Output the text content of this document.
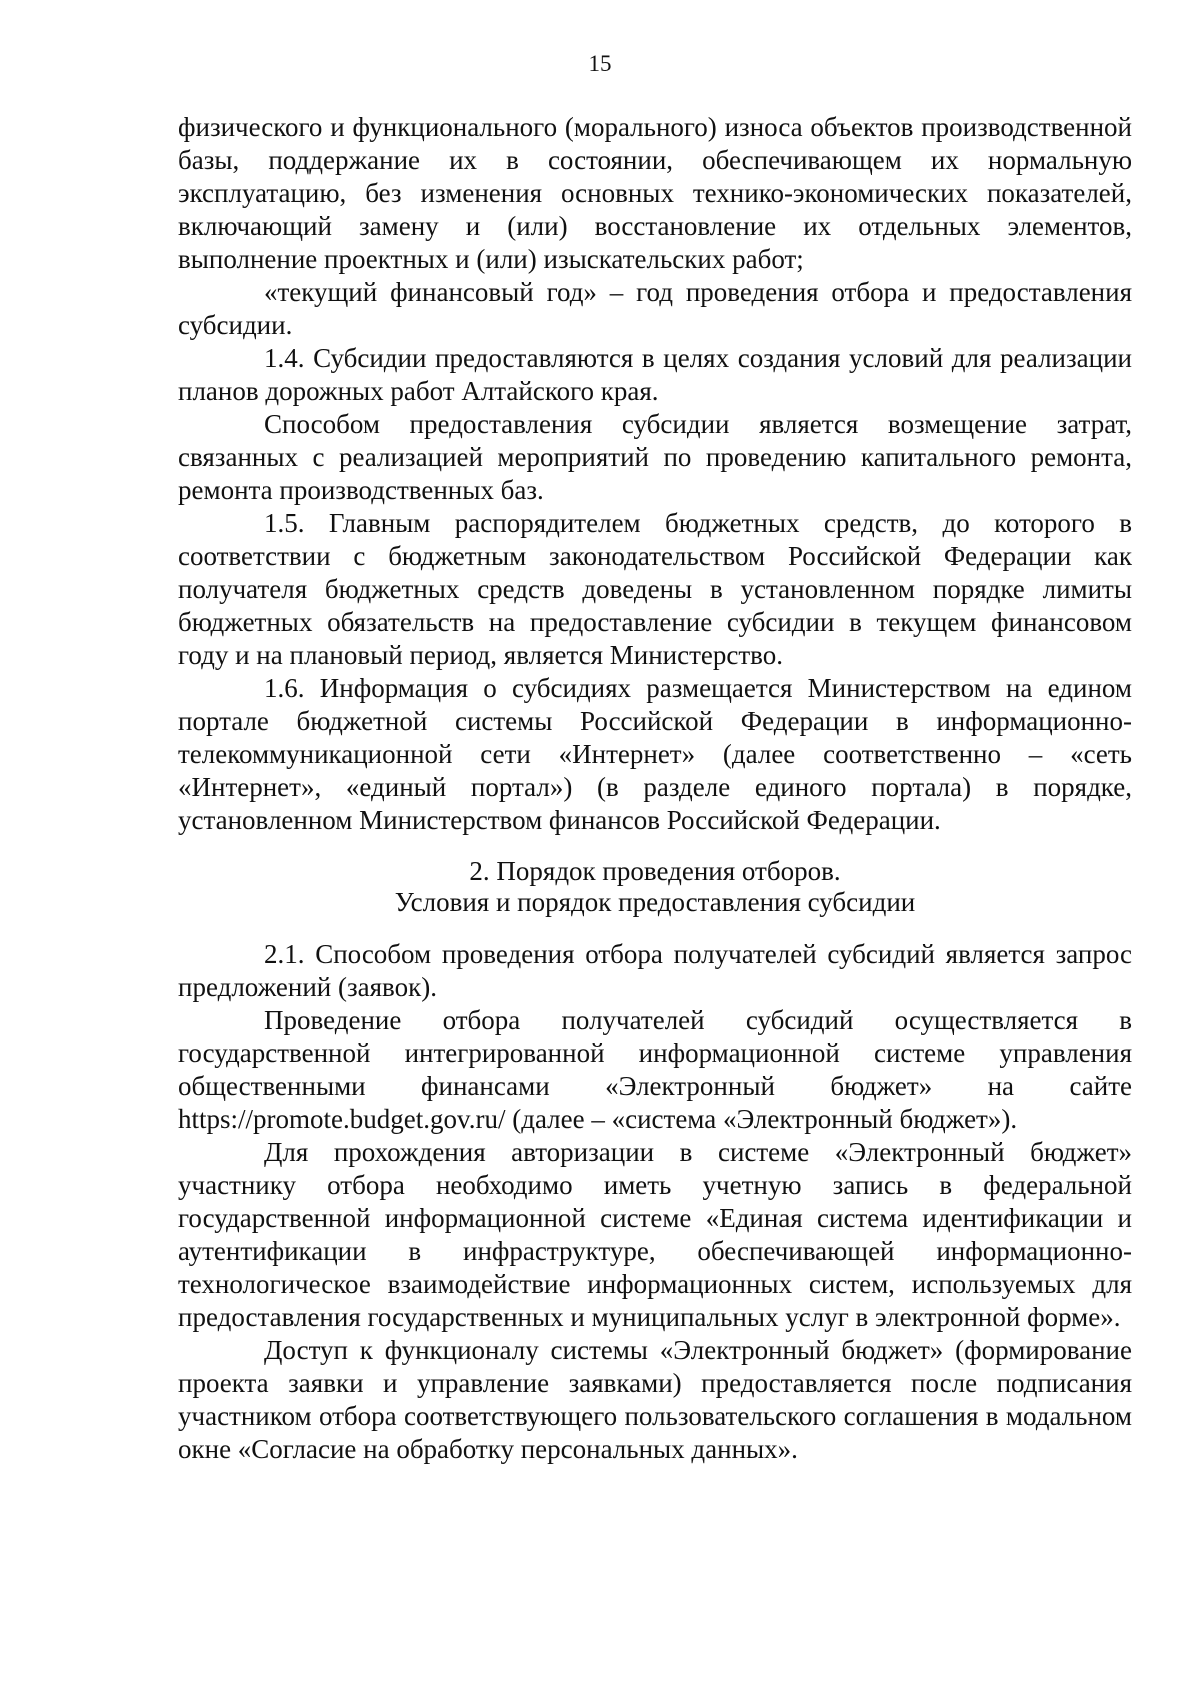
15

физического и функционального (морального) износа объектов производственной базы, поддержание их в состоянии, обеспечивающем их нормальную эксплуатацию, без изменения основных технико-экономических показателей, включающий замену и (или) восстановление их отдельных элементов, выполнение проектных и (или) изыскательских работ;

«текущий финансовый год» – год проведения отбора и предоставления субсидии.

1.4. Субсидии предоставляются в целях создания условий для реализации планов дорожных работ Алтайского края.

Способом предоставления субсидии является возмещение затрат, связанных с реализацией мероприятий по проведению капитального ремонта, ремонта производственных баз.

1.5. Главным распорядителем бюджетных средств, до которого в соответствии с бюджетным законодательством Российской Федерации как получателя бюджетных средств доведены в установленном порядке лимиты бюджетных обязательств на предоставление субсидии в текущем финансовом году и на плановый период, является Министерство.

1.6. Информация о субсидиях размещается Министерством на едином портале бюджетной системы Российской Федерации в информационно-телекоммуникационной сети «Интернет» (далее соответственно – «сеть «Интернет», «единый портал») (в разделе единого портала) в порядке, установленном Министерством финансов Российской Федерации.

2. Порядок проведения отборов.
Условия и порядок предоставления субсидии

2.1. Способом проведения отбора получателей субсидий является запрос предложений (заявок).

Проведение отбора получателей субсидий осуществляется в государственной интегрированной информационной системе управления общественными финансами «Электронный бюджет» на сайте https://promote.budget.gov.ru/ (далее – «система «Электронный бюджет»).

Для прохождения авторизации в системе «Электронный бюджет» участнику отбора необходимо иметь учетную запись в федеральной государственной информационной системе «Единая система идентификации и аутентификации в инфраструктуре, обеспечивающей информационно-технологическое взаимодействие информационных систем, используемых для предоставления государственных и муниципальных услуг в электронной форме».

Доступ к функционалу системы «Электронный бюджет» (формирование проекта заявки и управление заявками) предоставляется после подписания участником отбора соответствующего пользовательского соглашения в модальном окне «Согласие на обработку персональных данных».
